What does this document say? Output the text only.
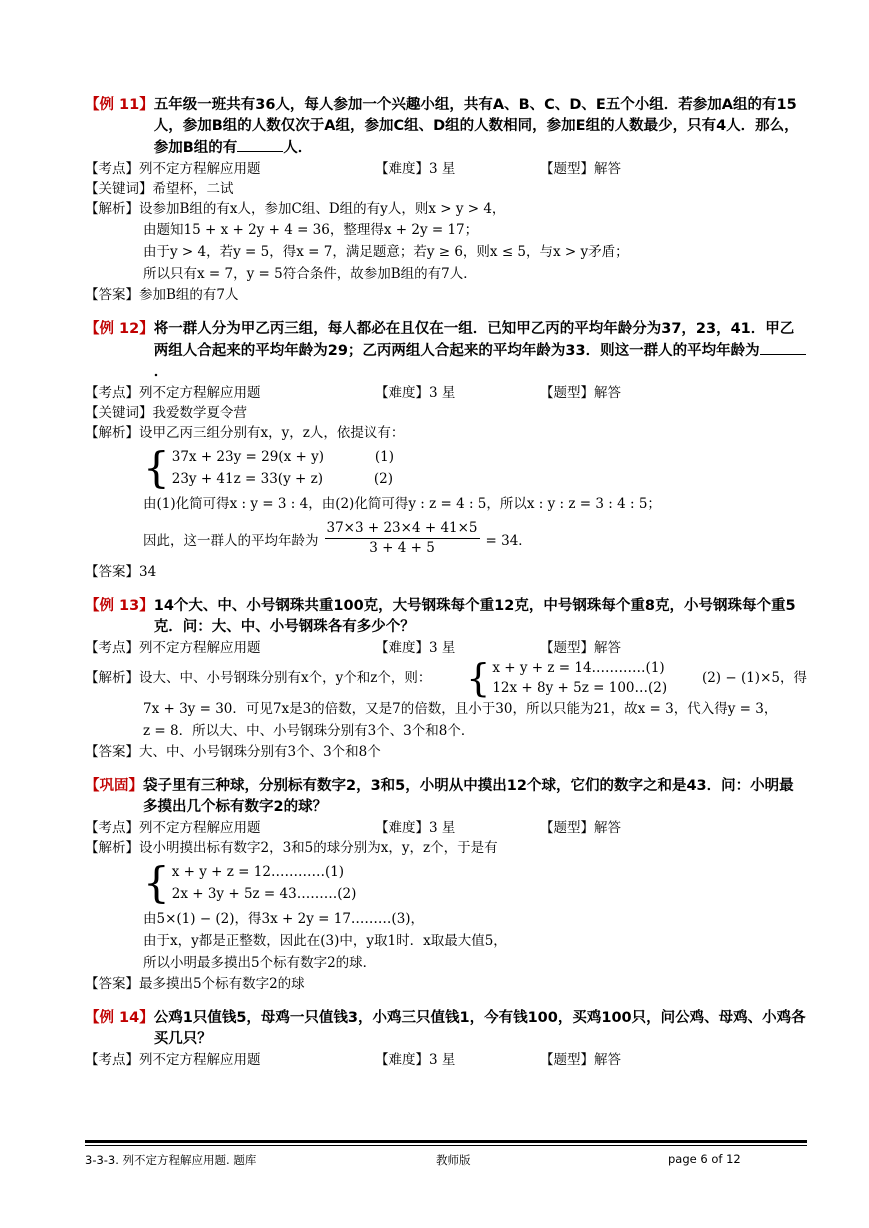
【例 11】 五年级一班共有36人，每人参加一个兴趣小组，共有A、B、C、D、E五个小组．若参加A组的有15人，参加B组的人数仅次于A组，参加C组、D组的人数相同，参加E组的人数最少，只有4人．那么，参加B组的有	人．
【考点】列不定方程解应用题	【难度】3 星	【题型】解答
【关键词】希望杯，二试
【解析】设参加B组的有x人，参加C组、D组的有y人，则x > y > 4，
由题知15 + x + 2y + 4 = 36，整理得x + 2y = 17；
由于y > 4，若y = 5，得x = 7，满足题意；若y ≥ 6，则x ≤ 5，与x > y矛盾；
所以只有x = 7，y = 5符合条件，故参加B组的有7人．
【答案】参加B组的有7人
【例 12】 将一群人分为甲乙丙三组，每人都必在且仅在一组．已知甲乙丙的平均年龄分为37，23，41．甲乙两组人合起来的平均年龄为29；乙丙两组人合起来的平均年龄为33．则这一群人的平均年龄为．
【考点】列不定方程解应用题	【难度】3 星	【题型】解答
【关键词】我爱数学夏令营
【解析】设甲乙丙三组分别有x，y，z人，依提议有：
{ 37x + 23y = 29(x + y)	(1)
23y + 41z = 33(y + z)	(2)
由(1)化简可得x : y = 3 : 4，由(2)化简可得y : z = 4 : 5，所以x : y : z = 3 : 4 : 5；
因此，这一群人的平均年龄为 $\frac{37\times 3 + 23\times 4 + 41\times 5}{3 + 4 + 5} = 34$．
【答案】34
【例 13】 14个大、中、小号钢珠共重100克，大号钢珠每个重12克，中号钢珠每个重8克，小号钢珠每个重5克．问：大、中、小号钢珠各有多少个？
【考点】列不定方程解应用题	【难度】3 星	【题型】解答
【解析】设大、中、小号钢珠分别有x个，y个和z个，则： { x + y + z = 14…………(1)
12x + 8y + 5z = 100…(2)
(2) − (1)×5，得
7x + 3y = 30．可见7x是3的倍数，又是7的倍数，且小于30，所以只能为21，故x = 3，代入得y = 3，
z = 8．所以大、中、小号钢珠分别有3个、3个和8个．
【答案】大、中、小号钢珠分别有3个、3个和8个
【巩固】 袋子里有三种球，分别标有数字2，3和5，小明从中摸出12个球，它们的数字之和是43．问：小明最多摸出几个标有数字2的球？
【考点】列不定方程解应用题	【难度】3 星	【题型】解答
【解析】设小明摸出标有数字2，3和5的球分别为x，y，z个，于是有
{ x + y + z = 12…………(1)
2x + 3y + 5z = 43………(2)
由5×(1) − (2)，得3x + 2y = 17………(3)，
由于x，y都是正整数，因此在(3)中，y取1时．x取最大值5，
所以小明最多摸出5个标有数字2的球．
【答案】最多摸出5个标有数字2的球
【例 14】 公鸡1只值钱5，母鸡一只值钱3，小鸡三只值钱1，今有钱100，买鸡100只，问公鸡、母鸡、小鸡各买几只？
【考点】列不定方程解应用题	【难度】3 星	【题型】解答
3-3-3. 列不定方程解应用题. 题库	教师版	page 6 of 12
